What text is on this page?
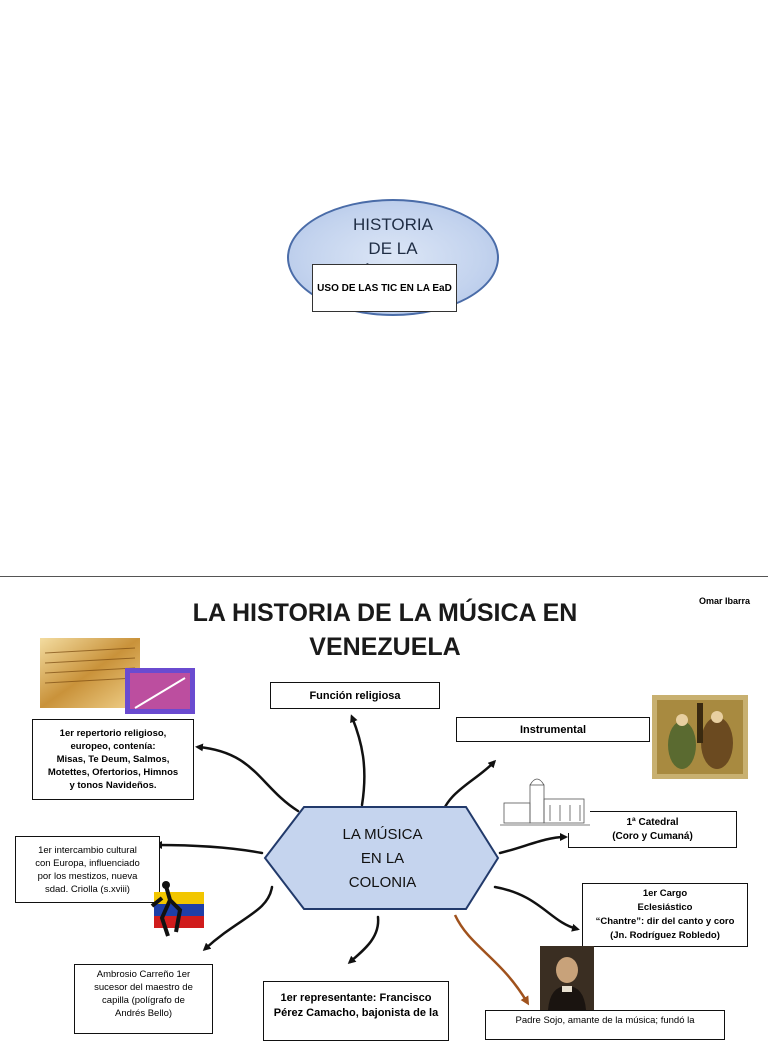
HISTORIA
DE LA
USO DE LAS TIC EN LA EaD
Omar Ibarra
LA HISTORIA DE LA MÚSICA EN
VENEZUELA
LA MÚSICA
EN LA
COLONIA
Función religiosa
Instrumental
1er repertorio religioso,
europeo, contenía:
Misas, Te Deum, Salmos,
Motettes, Ofertorios, Himnos
y tonos Navideños.
1er intercambio cultural
con Europa, influenciado
por los mestizos, nueva
sdad. Criolla (s.xviii)
1ª Catedral
(Coro y Cumaná)
1er Cargo
Eclesiástico
“Chantre”: dir del canto y coro
(Jn. Rodríguez Robledo)
Ambrosio Carreño 1er
sucesor del maestro de
capilla (polígrafo de
Andrés Bello)
1er representante: Francisco
Pérez Camacho, bajonista de la
Padre Sojo, amante de la música; fundó la
